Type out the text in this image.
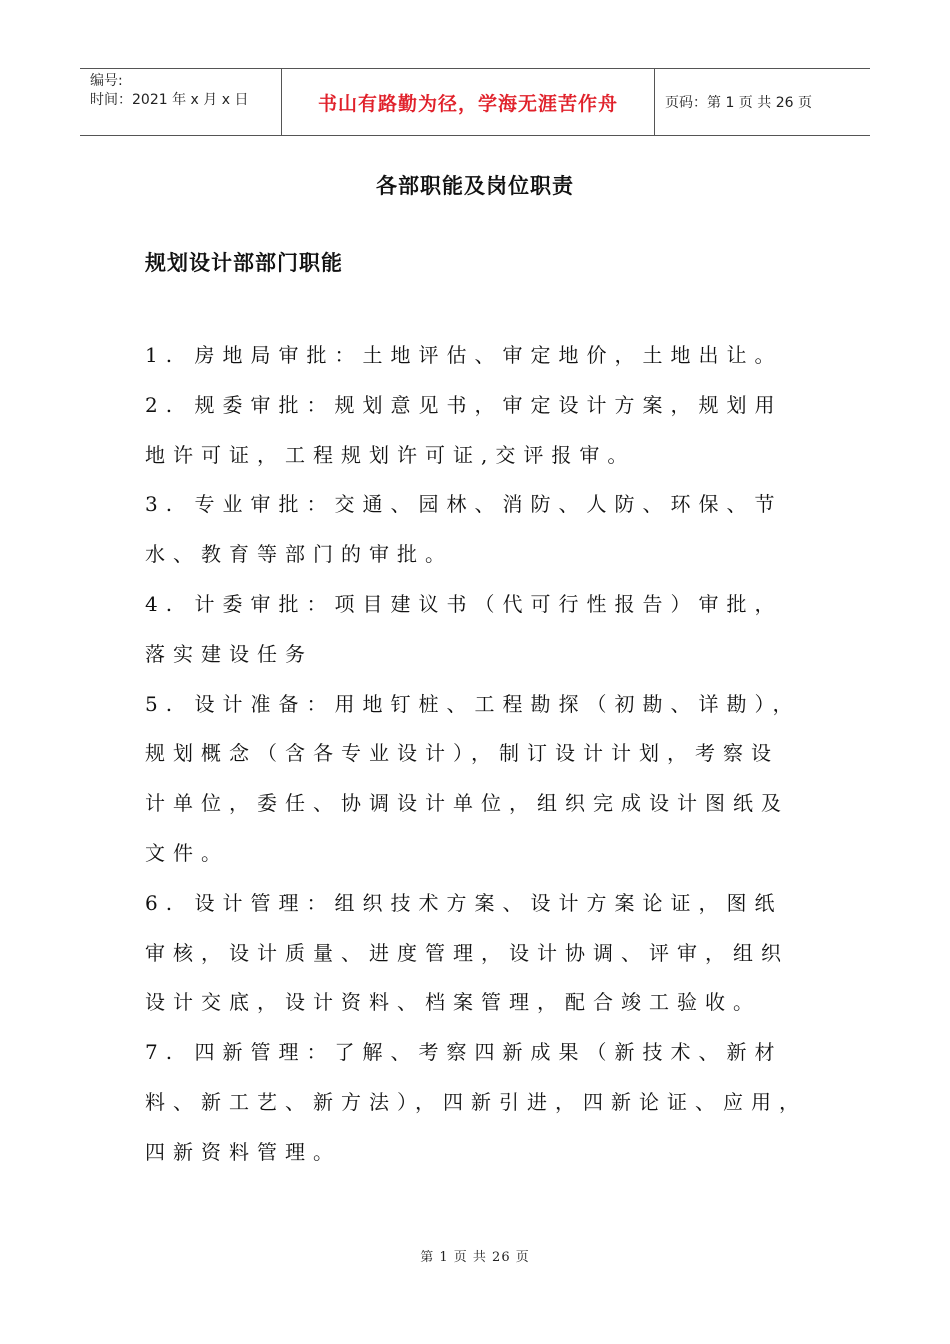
编号:
时间：2021 年 x 月 x 日	书山有路勤为径，学海无涯苦作舟	页码：第 1 页 共 26 页
各部职能及岗位职责
规划设计部部门职能
1. 房地局审批：土地评估、审定地价，土地出让。
2. 规委审批：规划意见书，审定设计方案，规划用
地许可证，工程规划许可证,交评报审。
3. 专业审批：交通、园林、消防、人防、环保、节
水、教育等部门的审批。
4. 计委审批：项目建议书（代可行性报告）审批，
落实建设任务
5. 设计准备：用地钉桩、工程勘探（初勘、详勘），
规划概念（含各专业设计），制订设计计划，考察设
计单位，委任、协调设计单位，组织完成设计图纸及
文件。
6. 设计管理：组织技术方案、设计方案论证，图纸
审核，设计质量、进度管理，设计协调、评审，组织
设计交底，设计资料、档案管理，配合竣工验收。
7. 四新管理：了解、考察四新成果（新技术、新材
料、新工艺、新方法），四新引进，四新论证、应用，
四新资料管理。
第 1 页 共 26 页
